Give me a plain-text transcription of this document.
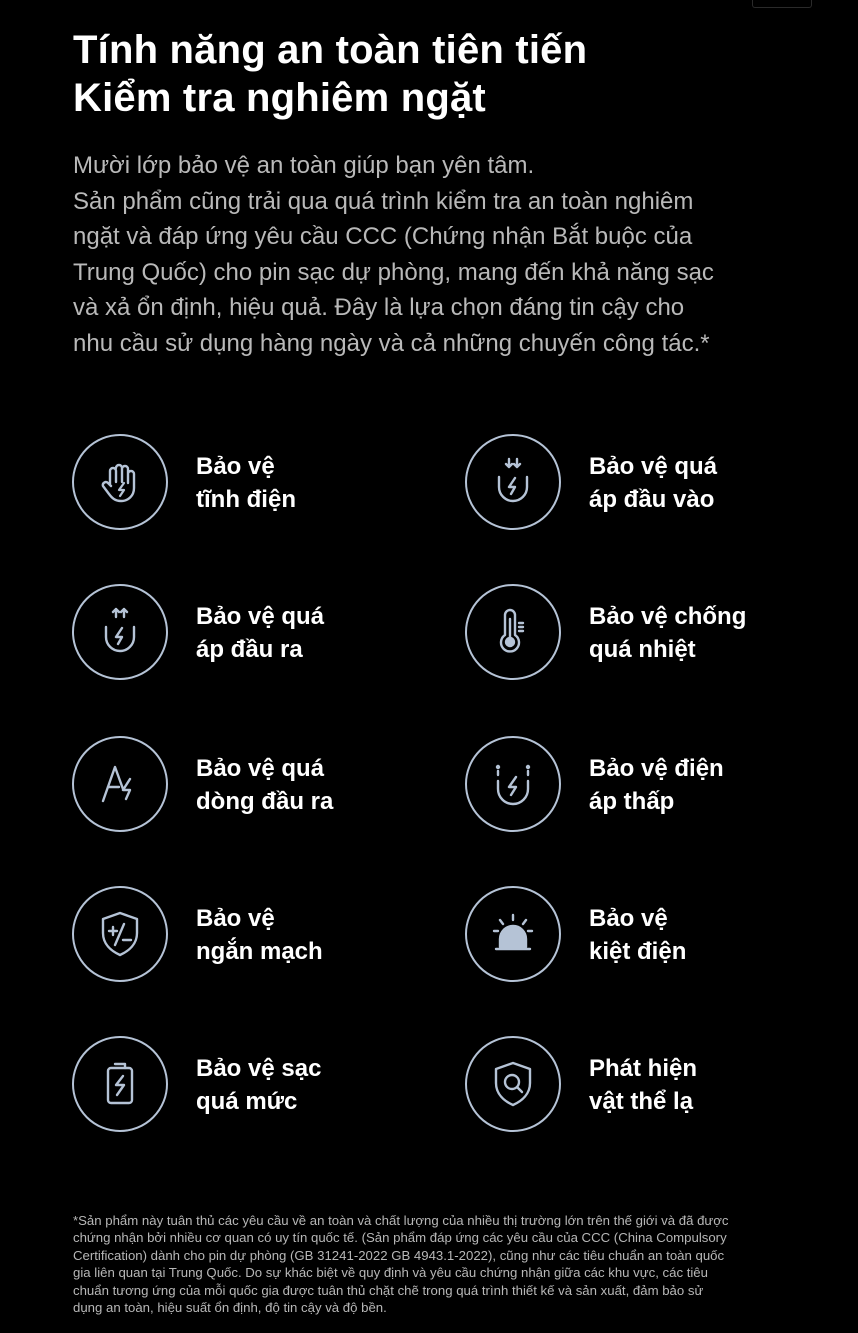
Tính năng an toàn tiên tiến
Kiểm tra nghiêm ngặt

Mười lớp bảo vệ an toàn giúp bạn yên tâm.
Sản phẩm cũng trải qua quá trình kiểm tra an toàn nghiêm
ngặt và đáp ứng yêu cầu CCC (Chứng nhận Bắt buộc của
Trung Quốc) cho pin sạc dự phòng, mang đến khả năng sạc
và xả ổn định, hiệu quả. Đây là lựa chọn đáng tin cậy cho
nhu cầu sử dụng hàng ngày và cả những chuyến công tác.*

Bảo vệ
tĩnh điện
Bảo vệ quá
áp đầu vào
Bảo vệ quá
áp đầu ra
Bảo vệ chống
quá nhiệt
Bảo vệ quá
dòng đầu ra
Bảo vệ điện
áp thấp
Bảo vệ
ngắn mạch
Bảo vệ
kiệt điện
Bảo vệ sạc
quá mức
Phát hiện
vật thể lạ

*Sản phẩm này tuân thủ các yêu cầu về an toàn và chất lượng của nhiều thị trường lớn trên thế giới và đã được
chứng nhận bởi nhiều cơ quan có uy tín quốc tế. (Sản phẩm đáp ứng các yêu cầu của CCC (China Compulsory
Certification) dành cho pin dự phòng (GB 31241-2022 GB 4943.1-2022), cũng như các tiêu chuẩn an toàn quốc
gia liên quan tại Trung Quốc. Do sự khác biệt về quy định và yêu cầu chứng nhận giữa các khu vực, các tiêu
chuẩn tương ứng của mỗi quốc gia được tuân thủ chặt chẽ trong quá trình thiết kế và sản xuất, đảm bảo sử
dụng an toàn, hiệu suất ổn định, độ tin cậy và độ bền.
